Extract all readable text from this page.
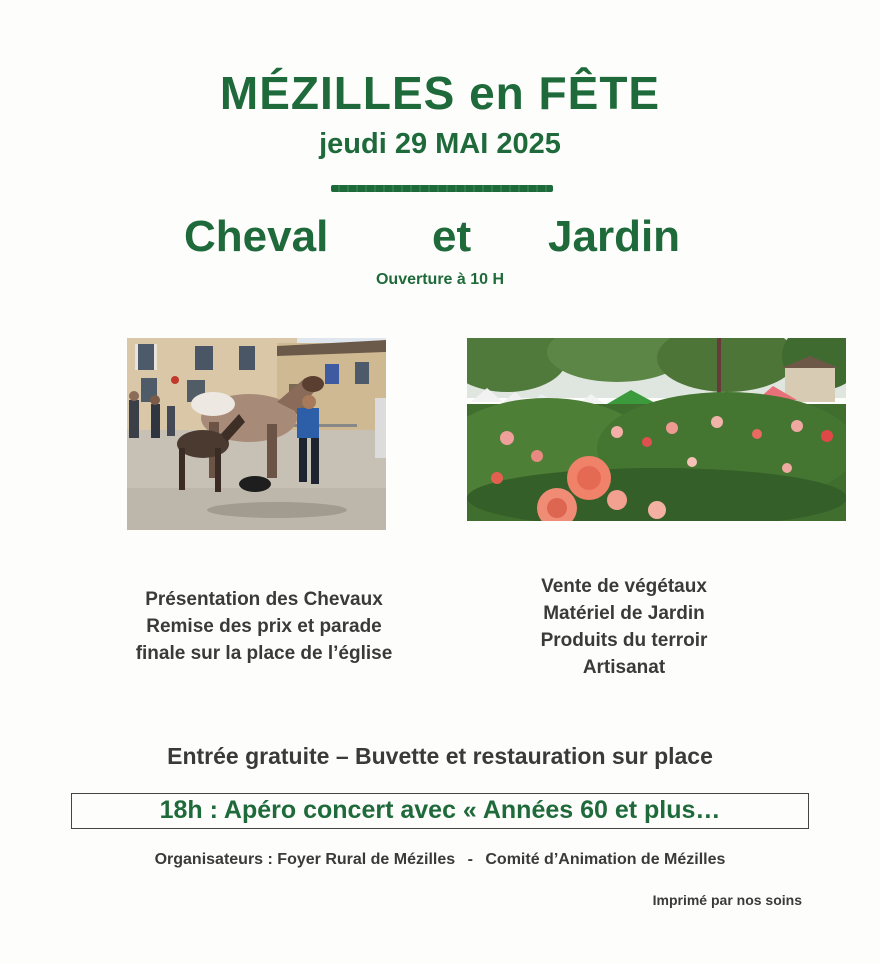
MÉZILLES en FÊTE
jeudi 29 MAI 2025
Cheval et Jardin
Ouverture à 10 H
Présentation des Chevaux
Remise des prix et parade
finale sur la place de l’église
Vente de végétaux
Matériel de Jardin
Produits du terroir
Artisanat
Entrée gratuite – Buvette et restauration sur place
18h : Apéro concert avec « Années 60 et plus…
Organisateurs : Foyer Rural de Mézilles - Comité d’Animation de Mézilles
Imprimé par nos soins
